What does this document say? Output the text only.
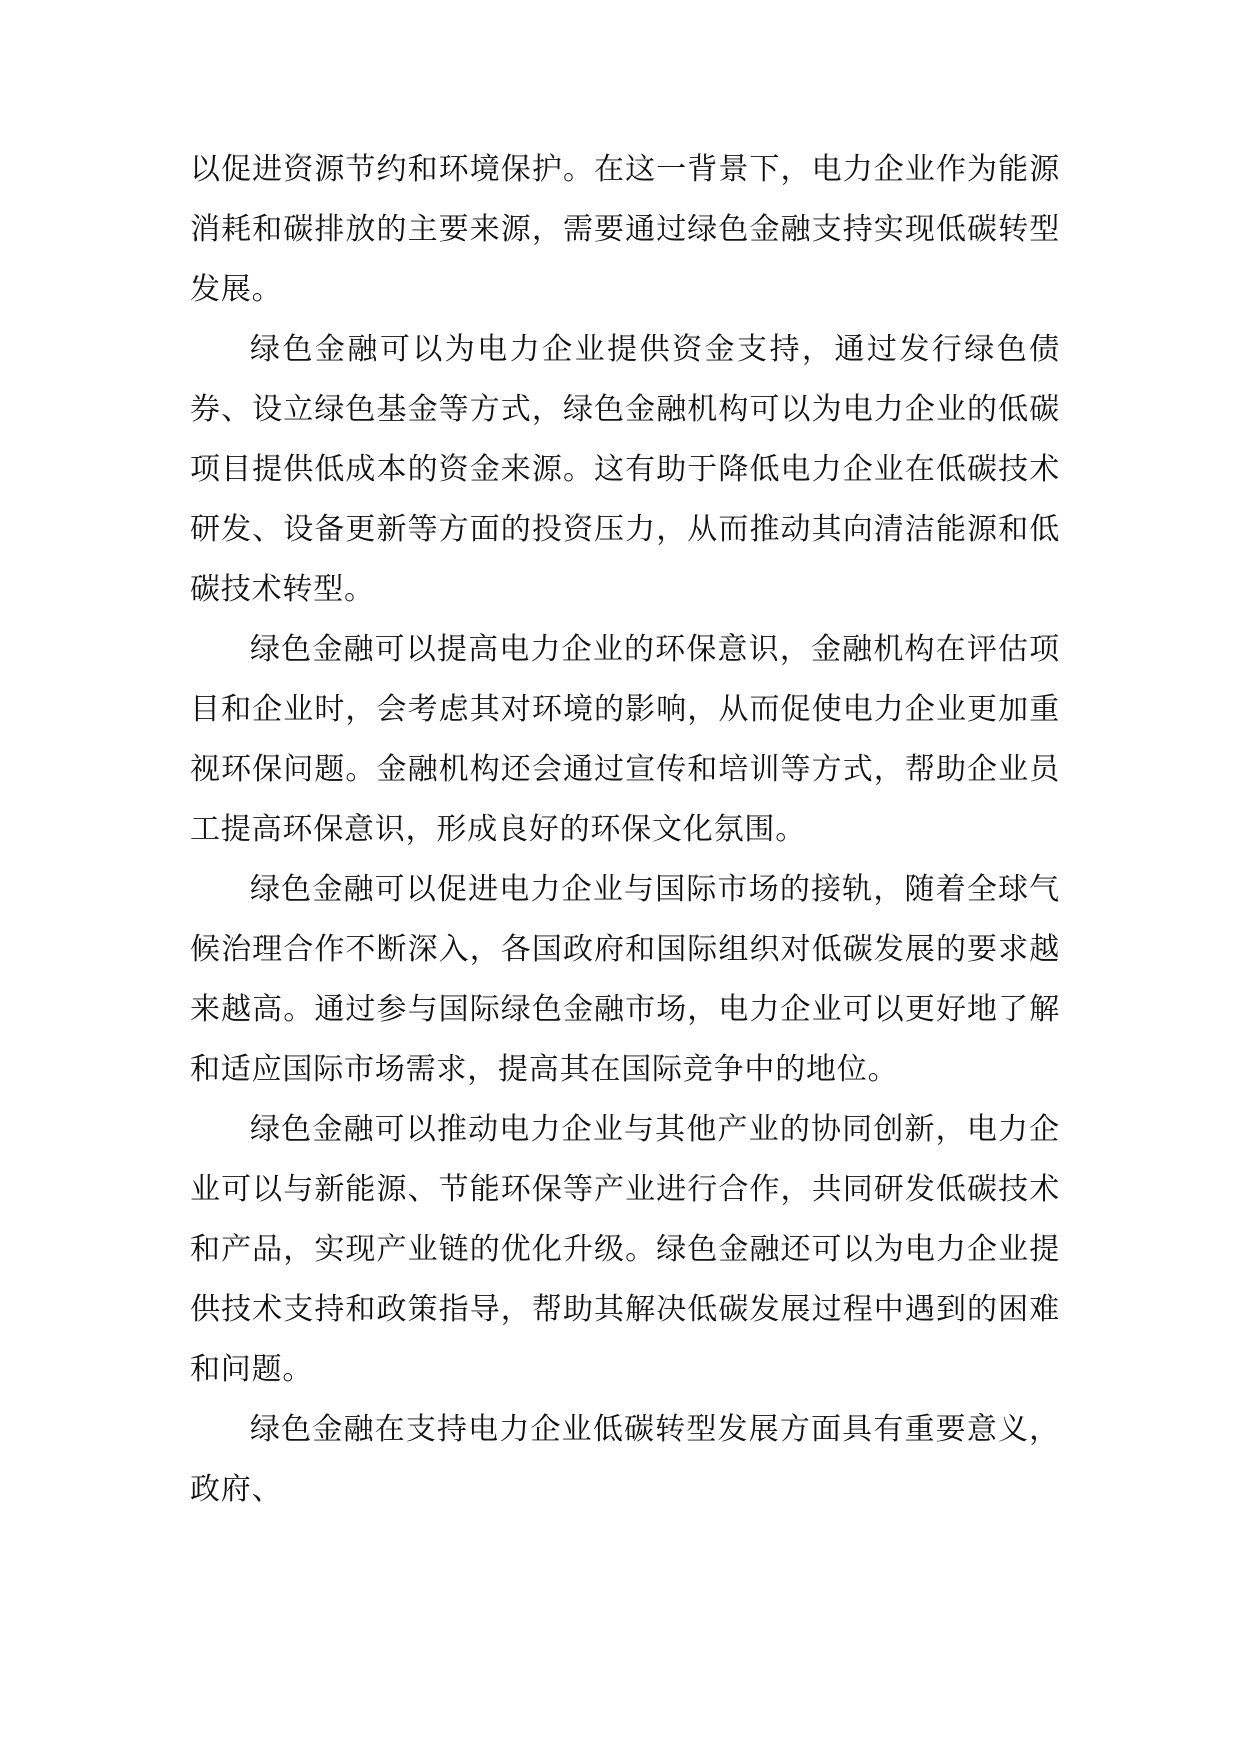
以促进资源节约和环境保护。在这一背景下，电力企业作为能源消耗和碳排放的主要来源，需要通过绿色金融支持实现低碳转型发展。

绿色金融可以为电力企业提供资金支持，通过发行绿色债券、设立绿色基金等方式，绿色金融机构可以为电力企业的低碳项目提供低成本的资金来源。这有助于降低电力企业在低碳技术研发、设备更新等方面的投资压力，从而推动其向清洁能源和低碳技术转型。

绿色金融可以提高电力企业的环保意识，金融机构在评估项目和企业时，会考虑其对环境的影响，从而促使电力企业更加重视环保问题。金融机构还会通过宣传和培训等方式，帮助企业员工提高环保意识，形成良好的环保文化氛围。

绿色金融可以促进电力企业与国际市场的接轨，随着全球气候治理合作不断深入，各国政府和国际组织对低碳发展的要求越来越高。通过参与国际绿色金融市场，电力企业可以更好地了解和适应国际市场需求，提高其在国际竞争中的地位。

绿色金融可以推动电力企业与其他产业的协同创新，电力企业可以与新能源、节能环保等产业进行合作，共同研发低碳技术和产品，实现产业链的优化升级。绿色金融还可以为电力企业提供技术支持和政策指导，帮助其解决低碳发展过程中遇到的困难和问题。

绿色金融在支持电力企业低碳转型发展方面具有重要意义，政府、
